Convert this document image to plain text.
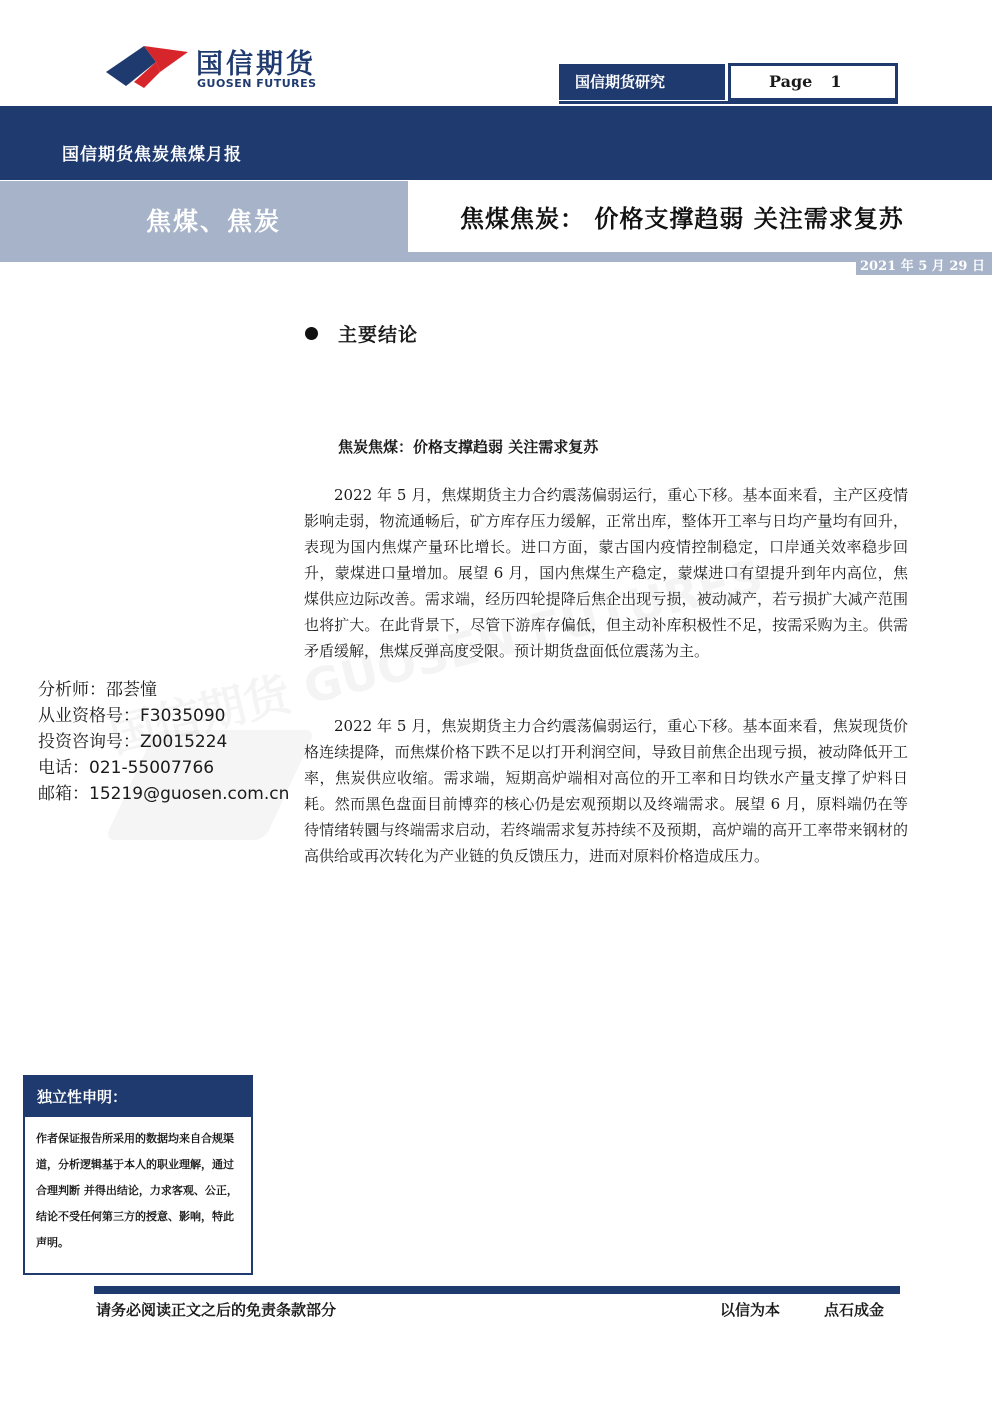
国信期货
GUOSEN FUTURES	国信期货研究	Page 1
国信期货焦炭焦煤月报
焦煤、焦炭	焦煤焦炭： 价格支撑趋弱 关注需求复苏
2021 年 5 月 29 日
主要结论
焦炭焦煤：价格支撑趋弱 关注需求复苏

2022 年 5 月，焦煤期货主力合约震荡偏弱运行，重心下移。基本面来看，主产区疫情影响走弱，物流通畅后，矿方库存压力缓解，正常出库，整体开工率与日均产量均有回升，表现为国内焦煤产量环比增长。进口方面，蒙古国内疫情控制稳定，口岸通关效率稳步回升，蒙煤进口量增加。展望 6 月，国内焦煤生产稳定，蒙煤进口有望提升到年内高位，焦煤供应边际改善。需求端，经历四轮提降后焦企出现亏损，被动减产，若亏损扩大减产范围也将扩大。在此背景下，尽管下游库存偏低，但主动补库积极性不足，按需采购为主。供需矛盾缓解，焦煤反弹高度受限。预计期货盘面低位震荡为主。

2022 年 5 月，焦炭期货主力合约震荡偏弱运行，重心下移。基本面来看，焦炭现货价格连续提降，而焦煤价格下跌不足以打开利润空间，导致目前焦企出现亏损，被动降低开工率，焦炭供应收缩。需求端，短期高炉端相对高位的开工率和日均铁水产量支撑了炉料日耗。然而黑色盘面目前博弈的核心仍是宏观预期以及终端需求。展望 6 月，原料端仍在等待情绪转圜与终端需求启动，若终端需求复苏持续不及预期，高炉端的高开工率带来钢材的高供给或再次转化为产业链的负反馈压力，进而对原料价格造成压力。

分析师：邵荟憧
从业资格号：F3035090
投资咨询号：Z0015224
电话：021-55007766
邮箱：15219@guosen.com.cn
独立性申明：
作者保证报告所采用的数据均来自合规渠道，分析逻辑基于本人的职业理解，通过合理判断 并得出结论，力求客观、公正，结论不受任何第三方的授意、影响，特此声明。
请务必阅读正文之后的免责条款部分	以信为本	点石成金
